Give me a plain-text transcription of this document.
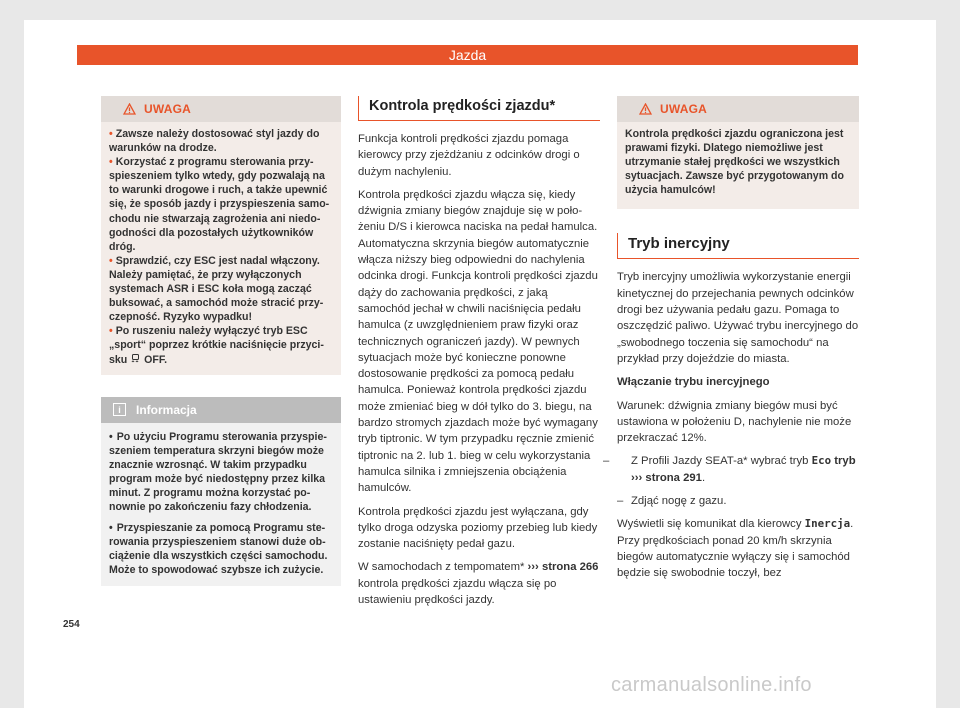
Jazda
UWAGA

• Zawsze należy dostosować styl jazdy do warunków na drodze.

• Korzystać z programu sterowania przyspieszeniem tylko wtedy, gdy pozwalają na to warunki drogowe i ruch, a także upewnić się, że sposób jazdy i przyspieszenia samochodu nie stwarzają zagrożenia ani niedogodności dla pozostałych użytkowników dróg.

• Sprawdzić, czy ESC jest nadal włączony. Należy pamiętać, że przy wyłączonych systemach ASR i ESC koła mogą zacząć buksować, a samochód może stracić przyczepność. Ryzyko wypadku!

• Po ruszeniu należy wyłączyć tryb ESC „sport“ poprzez krótkie naciśnięcie przycisku OFF.

i	Informacja

• Po użyciu Programu sterowania przyspieszeniem temperatura skrzyni biegów może znacznie wzrosnąć. W takim przypadku program może być niedostępny przez kilka minut. Z programu można korzystać ponownie po zakończeniu fazy chłodzenia.

• Przyspieszanie za pomocą Programu sterowania przyspieszeniem stanowi duże obciążenie dla wszystkich części samochodu. Może to spowodować szybsze ich zużycie.

Kontrola prędkości zjazdu*

Funkcja kontroli prędkości zjazdu pomaga kierowcy przy zjeżdżaniu z odcinków drogi o dużym nachyleniu.

Kontrola prędkości zjazdu włącza się, kiedy dźwignia zmiany biegów znajduje się w położeniu D/S i kierowca naciska na pedał hamulca. Automatyczna skrzynia biegów automatycznie włącza niższy bieg odpowiedni do nachylenia odcinka drogi. Funkcja kontroli prędkości zjazdu dąży do zachowania prędkości, z jaką samochód jechał w chwili naciśnięcia pedału hamulca (z uwzględnieniem praw fizyki oraz technicznych ograniczeń jazdy). W pewnych sytuacjach może być konieczne ponowne dostosowanie prędkości za pomocą pedału hamulca. Ponieważ kontrola prędkości zjazdu może zmieniać bieg w dół tylko do 3. biegu, na bardzo stromych zjazdach może być wymagany tryb tiptronic. W tym przypadku ręcznie zmienić tiptronic na 2. lub 1. bieg w celu wykorzystania hamulca silnika i zmniejszenia obciążenia hamulców.

Kontrola prędkości zjazdu jest wyłączana, gdy tylko droga odzyska poziomy przebieg lub kiedy zostanie naciśnięty pedał gazu.

W samochodach z tempomatem* ››› strona 266 kontrola prędkości zjazdu włącza się po ustawieniu prędkości jazdy.

UWAGA
Kontrola prędkości zjazdu ograniczona jest prawami fizyki. Dlatego niemożliwe jest utrzymanie stałej prędkości we wszystkich sytuacjach. Zawsze być przygotowanym do użycia hamulców!
Tryb inercyjny

Tryb inercyjny umożliwia wykorzystanie energii kinetycznej do przejechania pewnych odcinków drogi bez używania pedału gazu. Pomaga to oszczędzić paliwo. Używać trybu inercyjnego do „swobodnego toczenia się samochodu“ na przykład przy dojeździe do miasta.

Włączanie trybu inercyjnego

Warunek: dźwignia zmiany biegów musi być ustawiona w położeniu D, nachylenie nie może przekraczać 12%.

– Z Profili Jazdy SEAT-a* wybrać tryb Eco tryb ››› strona 291.

– Zdjąć nogę z gazu.

Wyświetli się komunikat dla kierowcy Inercja. Przy prędkościach ponad 20 km/h skrzynia biegów automatycznie wyłączy się i samochód będzie się swobodnie toczył, bez

254
carmanualsonline.info
